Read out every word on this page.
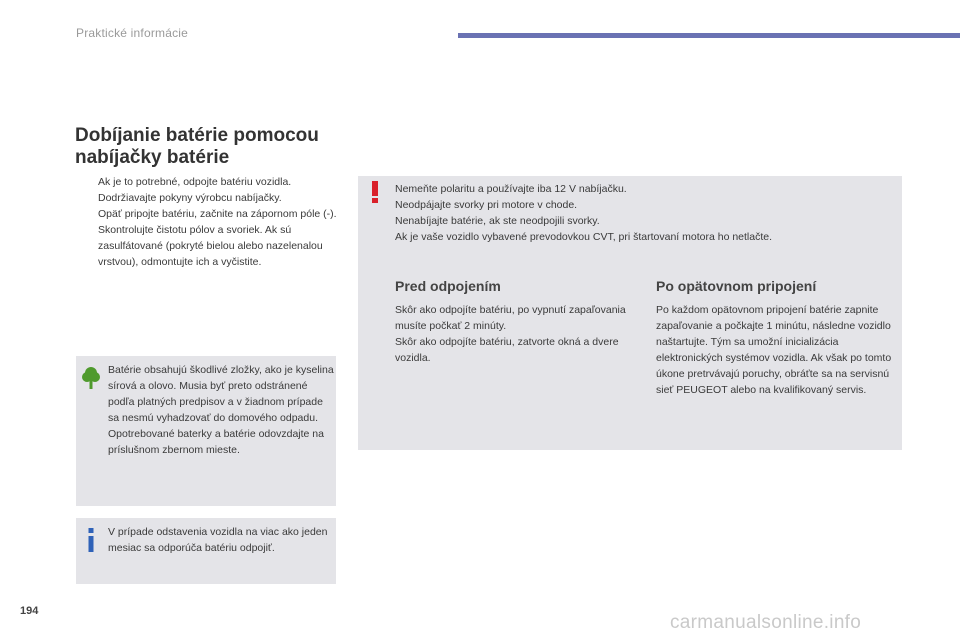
Praktické informácie
Dobíjanie batérie pomocou nabíjačky batérie
Ak je to potrebné, odpojte batériu vozidla.
Dodržiavajte pokyny výrobcu nabíjačky.
Opäť pripojte batériu, začnite na zápornom póle (-).
Skontrolujte čistotu pólov a svoriek. Ak sú zasulfátované (pokryté bielou alebo nazelenalou vrstvou), odmontujte ich a vyčistite.
Batérie obsahujú škodlivé zložky, ako je kyselina sírová a olovo. Musia byť preto odstránené podľa platných predpisov a v žiadnom prípade sa nesmú vyhadzovať do domového odpadu. Opotrebované baterky a batérie odovzdajte na príslušnom zbernom mieste.
V prípade odstavenia vozidla na viac ako jeden mesiac sa odporúča batériu odpojiť.
Nemeňte polaritu a používajte iba 12 V nabíjačku.
Neodpájajte svorky pri motore v chode.
Nenabíjajte batérie, ak ste neodpojili svorky.
Ak je vaše vozidlo vybavené prevodovkou CVT, pri štartovaní motora ho netlačte.
Pred odpojením
Skôr ako odpojíte batériu, po vypnutí zapaľovania musíte počkať 2 minúty.
Skôr ako odpojíte batériu, zatvorte okná a dvere vozidla.
Po opätovnom pripojení
Po každom opätovnom pripojení batérie zapnite zapaľovanie a počkajte 1 minútu, následne vozidlo naštartujte. Tým sa umožní inicializácia elektronických systémov vozidla. Ak však po tomto úkone pretrvávajú poruchy, obráťte sa na servisnú sieť PEUGEOT alebo na kvalifikovaný servis.
194
carmanualsonline.info
